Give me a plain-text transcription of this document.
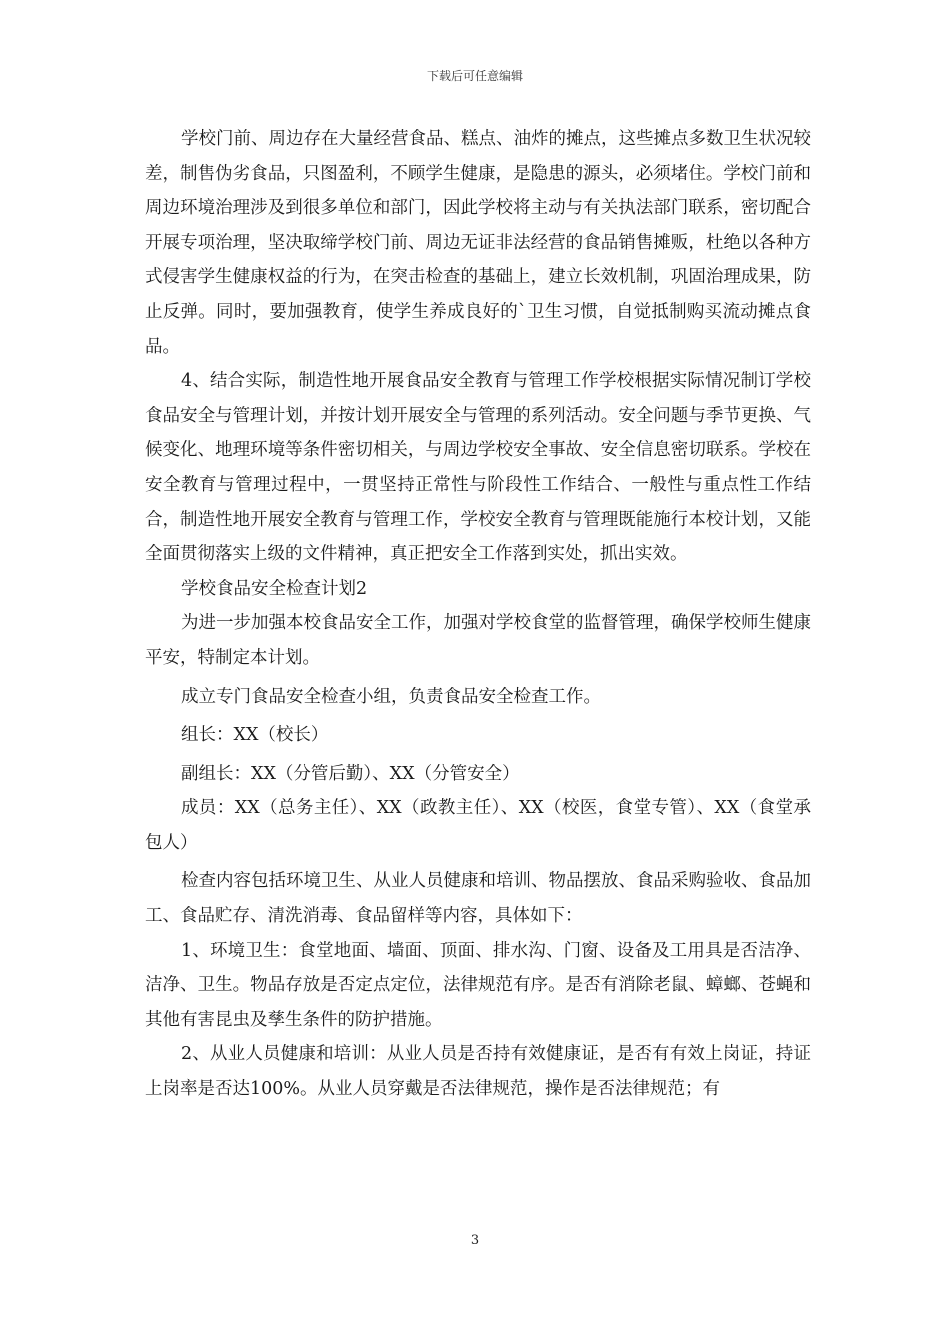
下载后可任意编辑

学校门前、周边存在大量经营食品、糕点、油炸的摊点，这些摊点多数卫生状况较差，制售伪劣食品，只图盈利，不顾学生健康，是隐患的源头，必须堵住。学校门前和周边环境治理涉及到很多单位和部门，因此学校将主动与有关执法部门联系，密切配合开展专项治理，坚决取缔学校门前、周边无证非法经营的食品销售摊贩，杜绝以各种方式侵害学生健康权益的行为，在突击检查的基础上，建立长效机制，巩固治理成果，防止反弹。同时，要加强教育，使学生养成良好的`卫生习惯，自觉抵制购买流动摊点食品。

4、结合实际，制造性地开展食品安全教育与管理工作学校根据实际情况制订学校食品安全与管理计划，并按计划开展安全与管理的系列活动。安全问题与季节更换、气候变化、地理环境等条件密切相关，与周边学校安全事故、安全信息密切联系。学校在安全教育与管理过程中，一贯坚持正常性与阶段性工作结合、一般性与重点性工作结合，制造性地开展安全教育与管理工作，学校安全教育与管理既能施行本校计划，又能全面贯彻落实上级的文件精神，真正把安全工作落到实处，抓出实效。

学校食品安全检查计划2

为进一步加强本校食品安全工作，加强对学校食堂的监督管理，确保学校师生健康平安，特制定本计划。

成立专门食品安全检查小组，负责食品安全检查工作。

组长：XX（校长）

副组长：XX（分管后勤）、XX（分管安全）

成员：XX（总务主任）、XX（政教主任）、XX（校医，食堂专管）、XX（食堂承包人）

检查内容包括环境卫生、从业人员健康和培训、物品摆放、食品采购验收、食品加工、食品贮存、清洗消毒、食品留样等内容，具体如下：

1、环境卫生：食堂地面、墙面、顶面、排水沟、门窗、设备及工用具是否洁净、洁净、卫生。物品存放是否定点定位，法律规范有序。是否有消除老鼠、蟑螂、苍蝇和其他有害昆虫及孳生条件的防护措施。

2、从业人员健康和培训：从业人员是否持有效健康证，是否有有效上岗证，持证上岗率是否达100%。从业人员穿戴是否法律规范，操作是否法律规范；有

3
